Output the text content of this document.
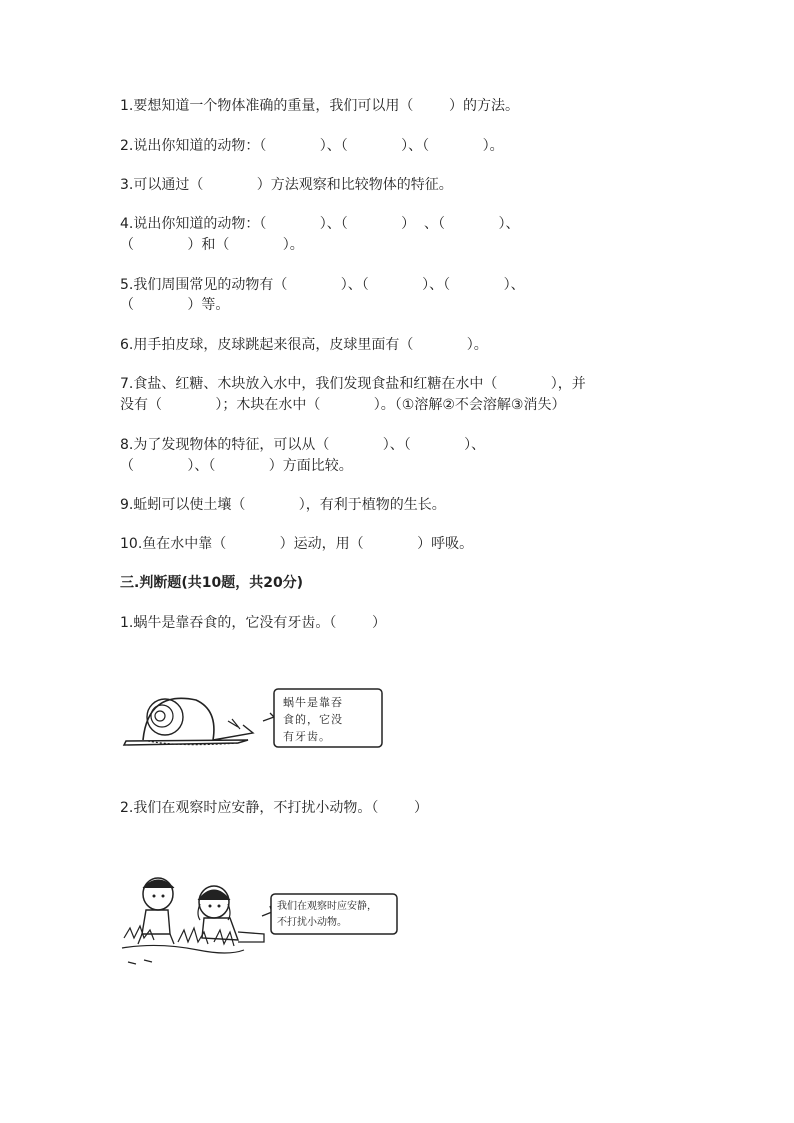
1.要想知道一个物体准确的重量，我们可以用（        ）的方法。
2.说出你知道的动物：（            ）、（            ）、（            ）。
3.可以通过（            ）方法观察和比较物体的特征。
4.说出你知道的动物：（            ）、（            ）  、（            ）、
（            ）和（            ）。
5.我们周围常见的动物有（            ）、（            ）、（            ）、
（            ）等。
6.用手拍皮球，皮球跳起来很高，皮球里面有（            ）。
7.食盐、红糖、木块放入水中，我们发现食盐和红糖在水中（            ），并
没有（            ）；木块在水中（            ）。（①溶解②不会溶解③消失）
8.为了发现物体的特征，可以从（            ）、（            ）、
（            ）、（            ）方面比较。
9.蚯蚓可以使土壤（            ），有利于植物的生长。
10.鱼在水中靠（            ）运动，用（            ）呼吸。
三.判断题(共10题，共20分)
1.蜗牛是靠吞食的，它没有牙齿。（        ）
蜗牛是靠吞
食的，它没
有牙齿。
2.我们在观察时应安静，不打扰小动物。（        ）
我们在观察时应安静，
不打扰小动物。
